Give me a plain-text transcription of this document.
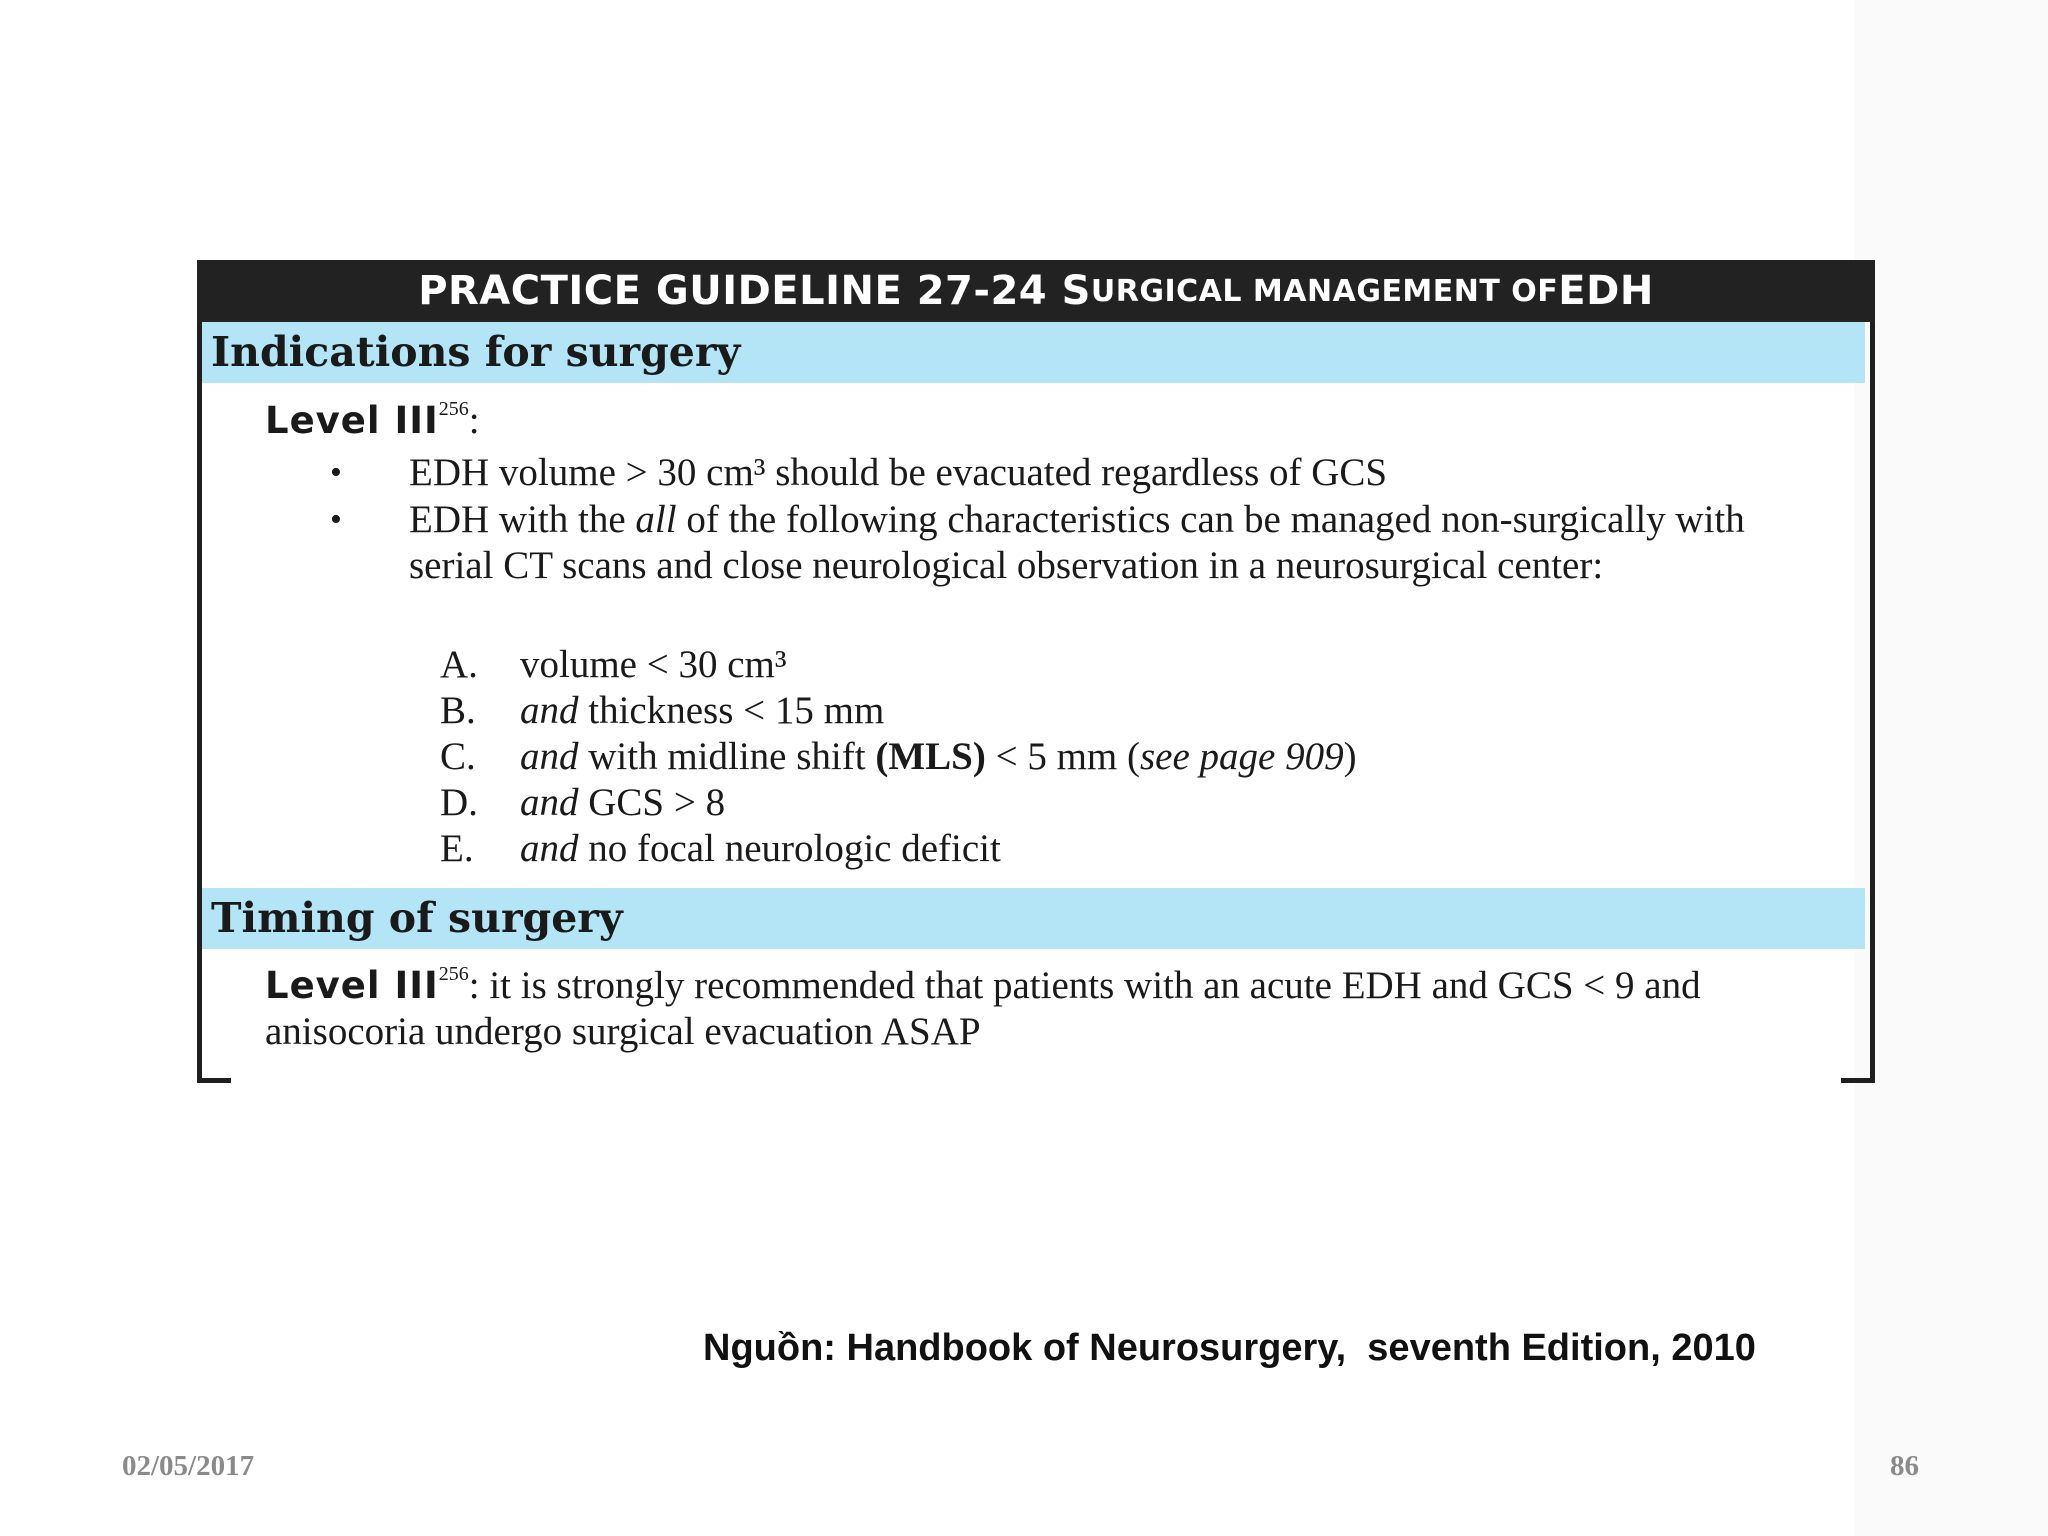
PRACTICE GUIDELINE 27-24 S URGICAL MANAGEMENT OF EDH
Indications for surgery
Timing of surgery
Level III$^{256}$:
• EDH volume > 30 cm³ should be evacuated regardless of GCS
• EDH with the all of the following characteristics can be managed non-surgically with serial CT scans and close neurological observation in a neurosurgical center:
A. volume < 30 cm³
B. and thickness < 15 mm
C. and with midline shift (MLS) < 5 mm (see page 909)
D. and GCS > 8
E. and no focal neurologic deficit
Level III$^{256}$: it is strongly recommended that patients with an acute EDH and GCS < 9 and anisocoria undergo surgical evacuation ASAP
Nguồn: Handbook of Neurosurgery,  seventh Edition, 2010
02/05/2017	86
